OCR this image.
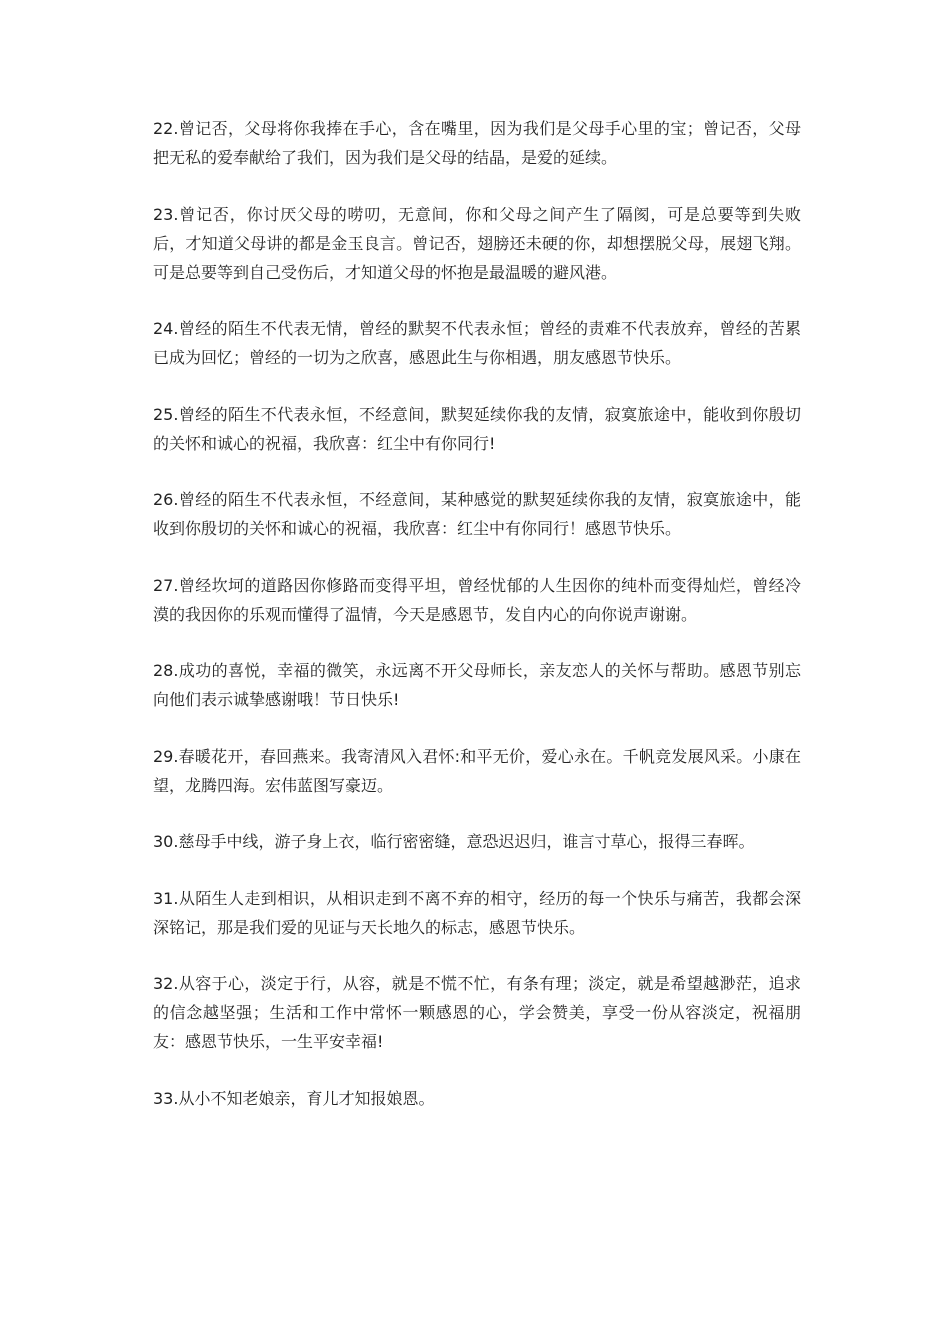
22.曾记否，父母将你我捧在手心，含在嘴里，因为我们是父母手心里的宝；曾记否，父母把无私的爱奉献给了我们，因为我们是父母的结晶，是爱的延续。

23.曾记否，你讨厌父母的唠叨，无意间，你和父母之间产生了隔阂，可是总要等到失败后，才知道父母讲的都是金玉良言。曾记否，翅膀还未硬的你，却想摆脱父母，展翅飞翔。可是总要等到自己受伤后，才知道父母的怀抱是最温暖的避风港。

24.曾经的陌生不代表无情，曾经的默契不代表永恒；曾经的责难不代表放弃，曾经的苦累已成为回忆；曾经的一切为之欣喜，感恩此生与你相遇，朋友感恩节快乐。

25.曾经的陌生不代表永恒，不经意间，默契延续你我的友情，寂寞旅途中，能收到你殷切的关怀和诚心的祝福，我欣喜：红尘中有你同行!

26.曾经的陌生不代表永恒，不经意间，某种感觉的默契延续你我的友情，寂寞旅途中，能收到你殷切的关怀和诚心的祝福，我欣喜：红尘中有你同行！感恩节快乐。

27.曾经坎坷的道路因你修路而变得平坦，曾经忧郁的人生因你的纯朴而变得灿烂，曾经冷漠的我因你的乐观而懂得了温情，今天是感恩节，发自内心的向你说声谢谢。

28.成功的喜悦，幸福的微笑，永远离不开父母师长，亲友恋人的关怀与帮助。感恩节别忘向他们表示诚挚感谢哦！节日快乐!

29.春暖花开，春回燕来。我寄清风入君怀:和平无价，爱心永在。千帆竞发展风采。小康在望，龙腾四海。宏伟蓝图写豪迈。

30.慈母手中线，游子身上衣，临行密密缝，意恐迟迟归，谁言寸草心，报得三春晖。

31.从陌生人走到相识，从相识走到不离不弃的相守，经历的每一个快乐与痛苦，我都会深深铭记，那是我们爱的见证与天长地久的标志，感恩节快乐。

32.从容于心，淡定于行，从容，就是不慌不忙，有条有理；淡定，就是希望越渺茫，追求的信念越坚强；生活和工作中常怀一颗感恩的心，学会赞美，享受一份从容淡定，祝福朋友：感恩节快乐，一生平安幸福!

33.从小不知老娘亲，育儿才知报娘恩。
